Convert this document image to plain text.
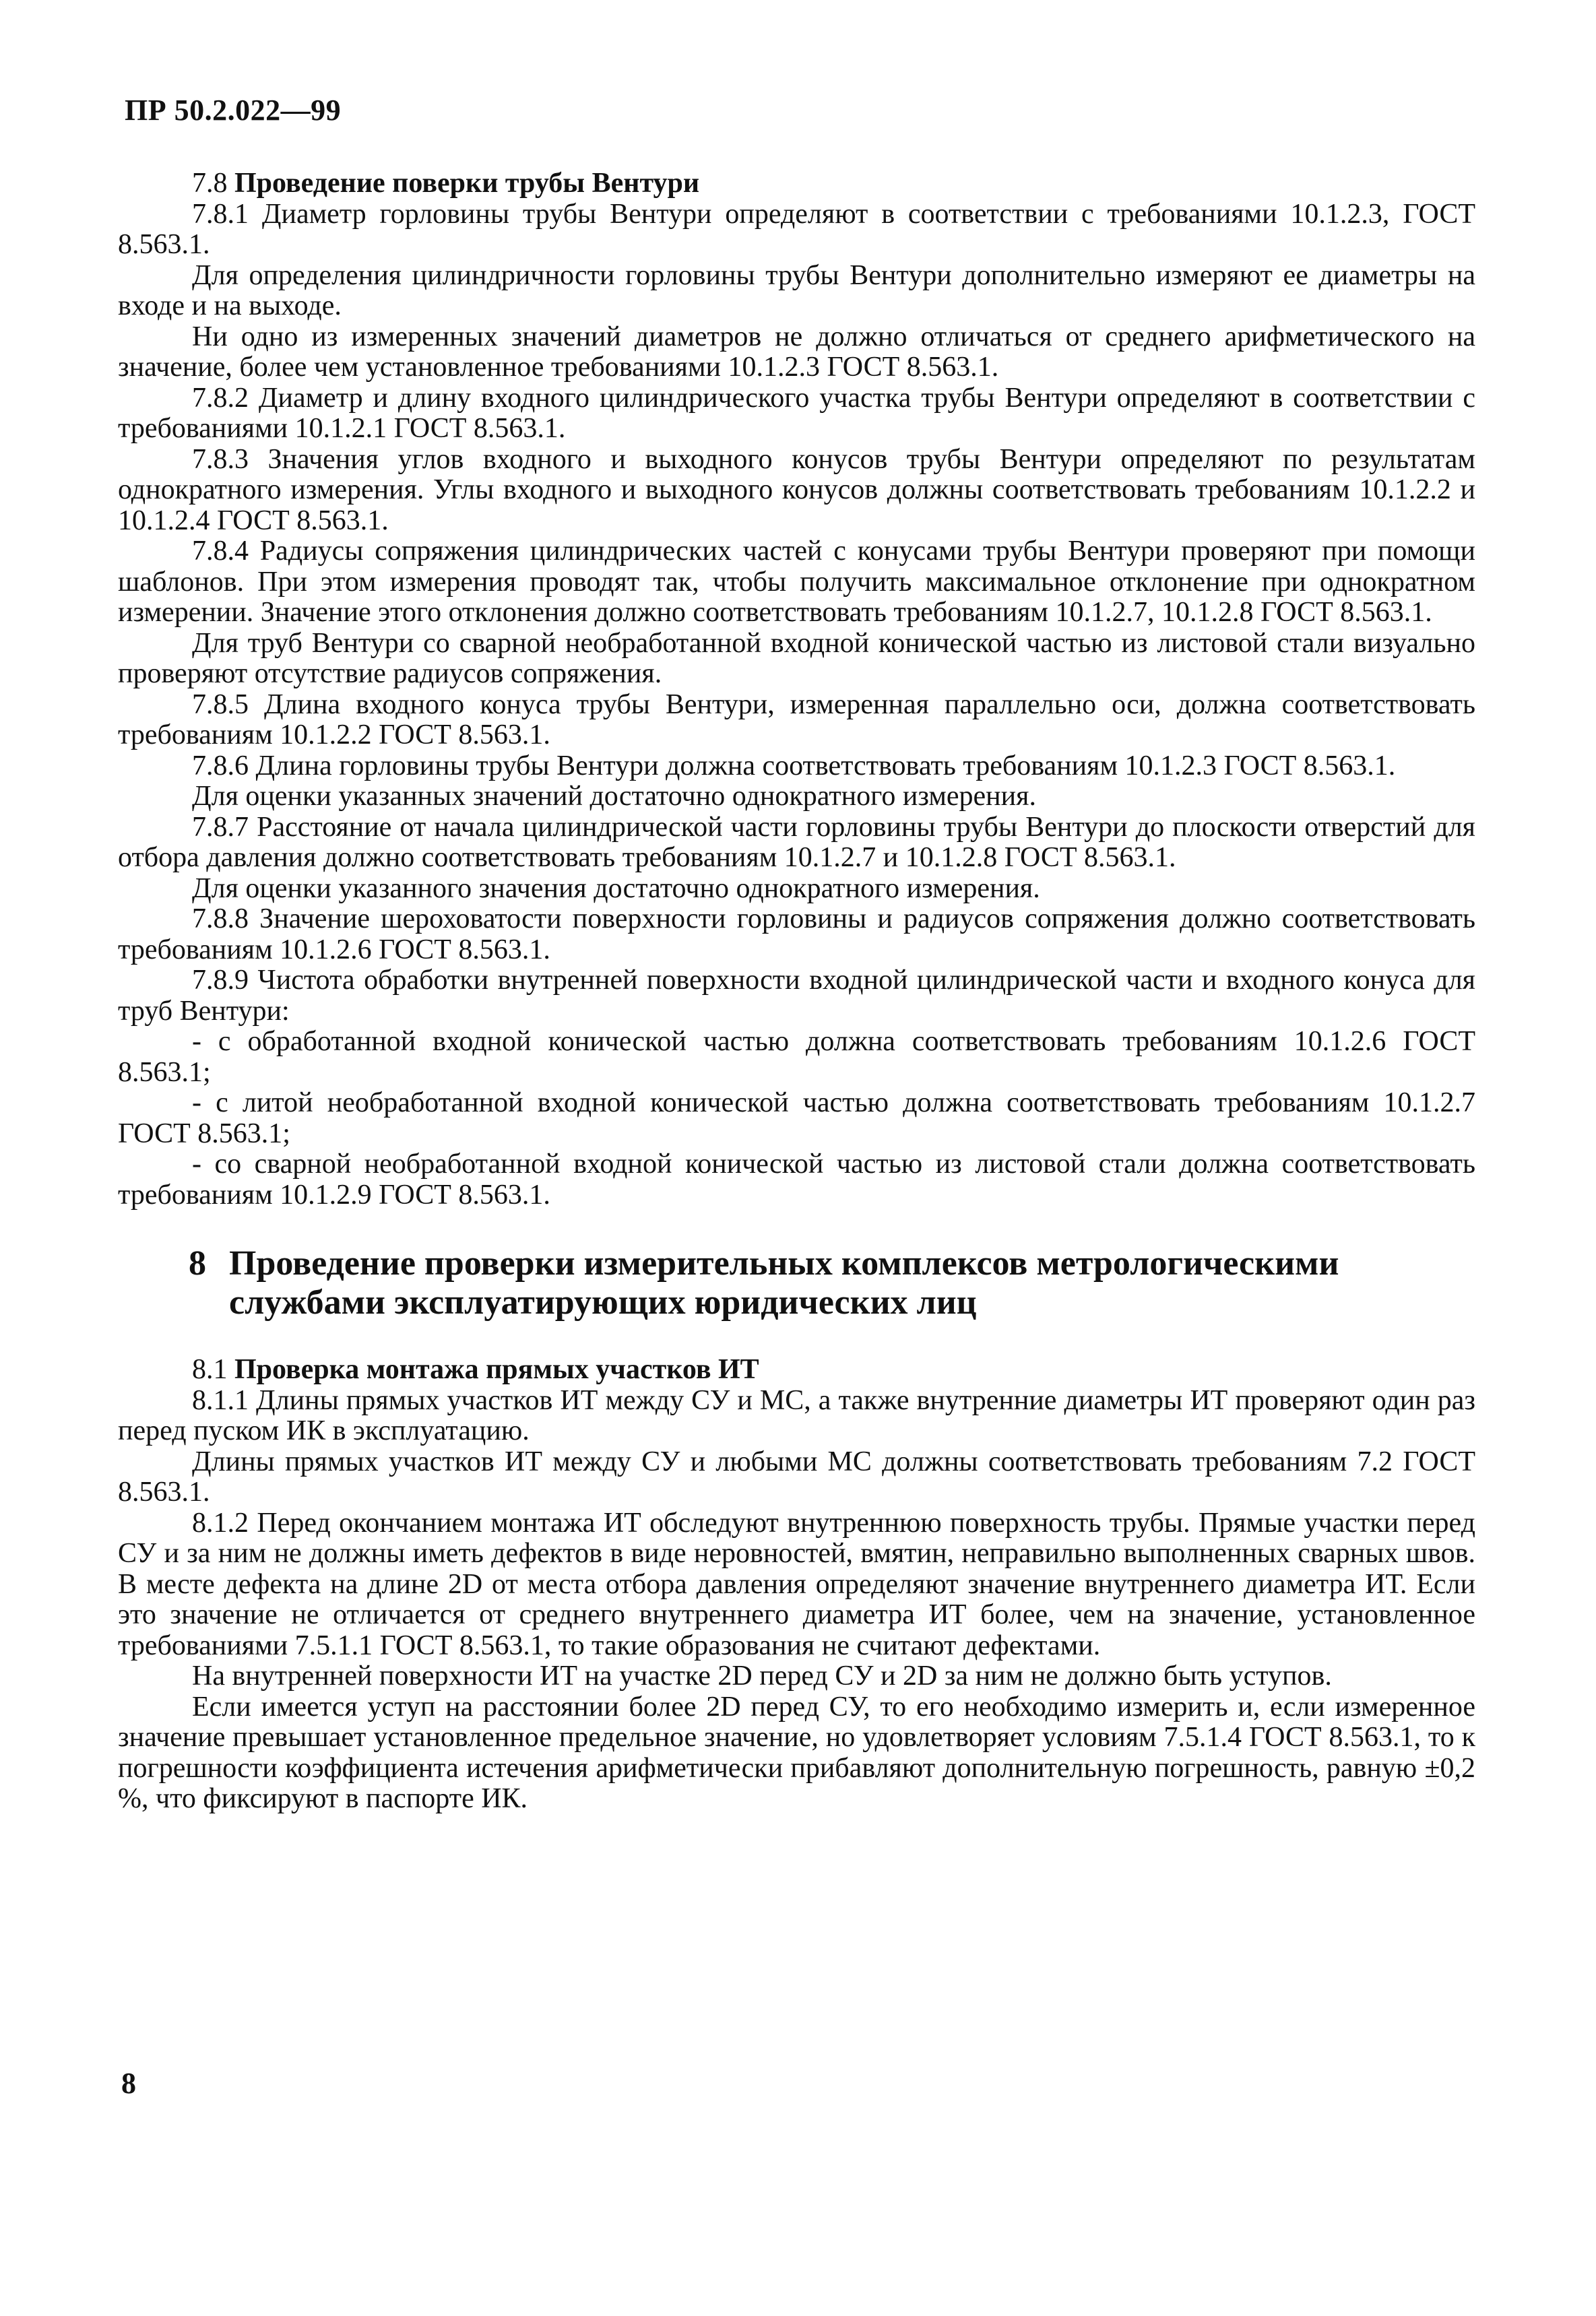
ПР 50.2.022—99

7.8 Проведение поверки трубы Вентури

7.8.1 Диаметр горловины трубы Вентури определяют в соответствии с требованиями 10.1.2.3, ГОСТ 8.563.1.

Для определения цилиндричности горловины трубы Вентури дополнительно измеряют ее диаметры на входе и на выходе.

Ни одно из измеренных значений диаметров не должно отличаться от среднего арифметического на значение, более чем установленное требованиями 10.1.2.3 ГОСТ 8.563.1.

7.8.2 Диаметр и длину входного цилиндрического участка трубы Вентури определяют в соответствии с требованиями 10.1.2.1 ГОСТ 8.563.1.

7.8.3 Значения углов входного и выходного конусов трубы Вентури определяют по результатам однократного измерения. Углы входного и выходного конусов должны соответствовать требованиям 10.1.2.2 и 10.1.2.4 ГОСТ 8.563.1.

7.8.4 Радиусы сопряжения цилиндрических частей с конусами трубы Вентури проверяют при помощи шаблонов. При этом измерения проводят так, чтобы получить максимальное отклонение при однократном измерении. Значение этого отклонения должно соответствовать требованиям 10.1.2.7, 10.1.2.8 ГОСТ 8.563.1.

Для труб Вентури со сварной необработанной входной конической частью из листовой стали визуально проверяют отсутствие радиусов сопряжения.

7.8.5 Длина входного конуса трубы Вентури, измеренная параллельно оси, должна соответствовать требованиям 10.1.2.2 ГОСТ 8.563.1.

7.8.6 Длина горловины трубы Вентури должна соответствовать требованиям 10.1.2.3 ГОСТ 8.563.1.

Для оценки указанных значений достаточно однократного измерения.

7.8.7 Расстояние от начала цилиндрической части горловины трубы Вентури до плоскости отверстий для отбора давления должно соответствовать требованиям 10.1.2.7 и 10.1.2.8 ГОСТ 8.563.1.

Для оценки указанного значения достаточно однократного измерения.

7.8.8 Значение шероховатости поверхности горловины и радиусов сопряжения должно соответствовать требованиям 10.1.2.6 ГОСТ 8.563.1.

7.8.9 Чистота обработки внутренней поверхности входной цилиндрической части и входного конуса для труб Вентури:

- с обработанной входной конической частью должна соответствовать требованиям 10.1.2.6 ГОСТ 8.563.1;

- с литой необработанной входной конической частью должна соответствовать требованиям 10.1.2.7 ГОСТ 8.563.1;

- со сварной необработанной входной конической частью из листовой стали должна соответствовать требованиям 10.1.2.9 ГОСТ 8.563.1.

8 Проведение проверки измерительных комплексов метрологическими
службами эксплуатирующих юридических лиц

8.1 Проверка монтажа прямых участков ИТ

8.1.1 Длины прямых участков ИТ между СУ и МС, а также внутренние диаметры ИТ проверяют один раз перед пуском ИК в эксплуатацию.

Длины прямых участков ИТ между СУ и любыми МС должны соответствовать требованиям 7.2 ГОСТ 8.563.1.

8.1.2 Перед окончанием монтажа ИТ обследуют внутреннюю поверхность трубы. Прямые участки перед СУ и за ним не должны иметь дефектов в виде неровностей, вмятин, неправильно выполненных сварных швов. В месте дефекта на длине 2D от места отбора давления определяют значение внутреннего диаметра ИТ. Если это значение не отличается от среднего внутреннего диаметра ИТ более, чем на значение, установленное требованиями 7.5.1.1 ГОСТ 8.563.1, то такие образования не считают дефектами.

На внутренней поверхности ИТ на участке 2D перед СУ и 2D за ним не должно быть уступов.

Если имеется уступ на расстоянии более 2D перед СУ, то его необходимо измерить и, если измеренное значение превышает установленное предельное значение, но удовлетворяет условиям 7.5.1.4 ГОСТ 8.563.1, то к погрешности коэффициента истечения арифметически прибавляют дополнительную погрешность, равную ±0,2 %, что фиксируют в паспорте ИК.

8
